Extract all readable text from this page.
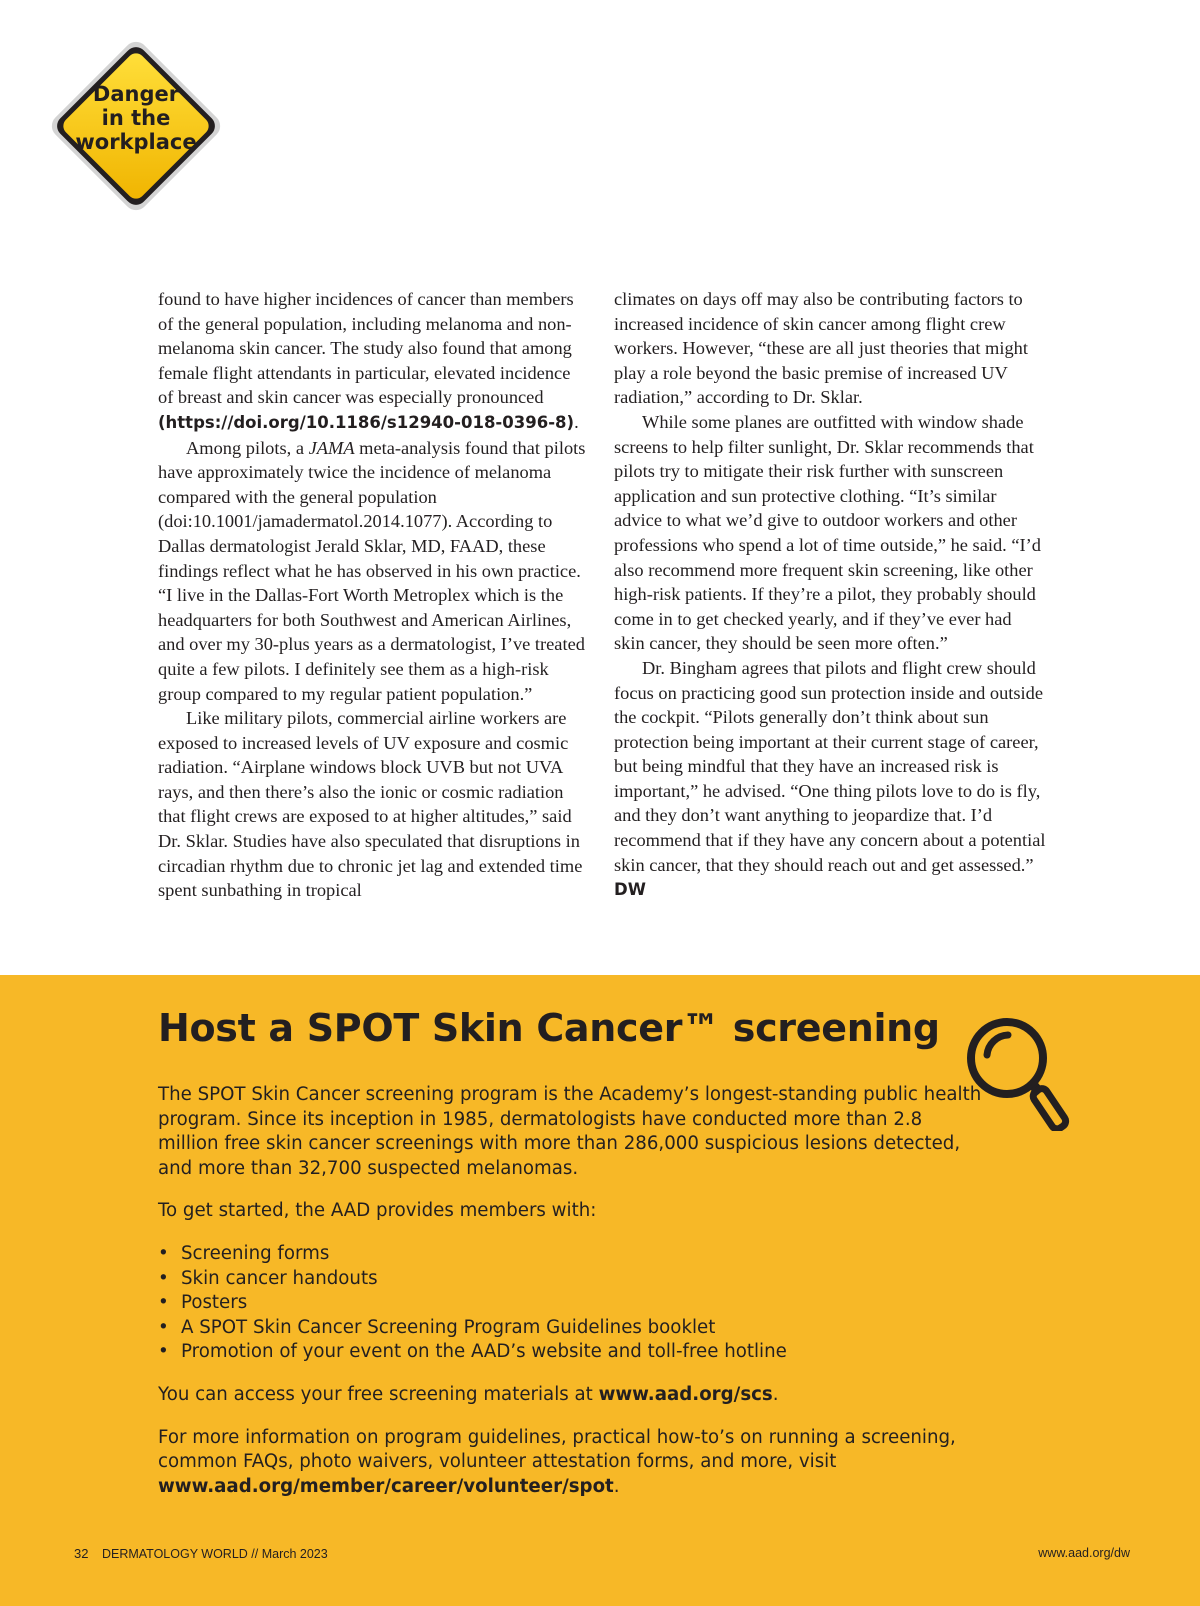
Danger
in the
workplace

found to have higher incidences of cancer than members of the general population, including melanoma and non-melanoma skin cancer. The study also found that among female flight attendants in particular, elevated incidence of breast and skin cancer was especially pronounced (https://doi.org/10.1186/s12940-018-0396-8).

Among pilots, a JAMA meta-analysis found that pilots have approximately twice the incidence of melanoma compared with the general population (doi:10.1001/jamadermatol.2014.1077). According to Dallas dermatologist Jerald Sklar, MD, FAAD, these findings reflect what he has observed in his own practice. “I live in the Dallas-Fort Worth Metroplex which is the headquarters for both Southwest and American Airlines, and over my 30-plus years as a dermatologist, I’ve treated quite a few pilots. I definitely see them as a high-risk group compared to my regular patient population.”

Like military pilots, commercial airline workers are exposed to increased levels of UV exposure and cosmic radiation. “Airplane windows block UVB but not UVA rays, and then there’s also the ionic or cosmic radiation that flight crews are exposed to at higher altitudes,” said Dr. Sklar. Studies have also speculated that disruptions in circadian rhythm due to chronic jet lag and extended time spent sunbathing in tropical

climates on days off may also be contributing factors to increased incidence of skin cancer among flight crew workers. However, “these are all just theories that might play a role beyond the basic premise of increased UV radiation,” according to Dr. Sklar.

While some planes are outfitted with window shade screens to help filter sunlight, Dr. Sklar recommends that pilots try to mitigate their risk further with sunscreen application and sun protective clothing. “It’s similar advice to what we’d give to outdoor workers and other professions who spend a lot of time outside,” he said. “I’d also recommend more frequent skin screening, like other high-risk patients. If they’re a pilot, they probably should come in to get checked yearly, and if they’ve ever had skin cancer, they should be seen more often.”

Dr. Bingham agrees that pilots and flight crew should focus on practicing good sun protection inside and outside the cockpit. “Pilots generally don’t think about sun protection being important at their current stage of career, but being mindful that they have an increased risk is important,” he advised. “One thing pilots love to do is fly, and they don’t want anything to jeopardize that. I’d recommend that if they have any concern about a potential skin cancer, that they should reach out and get assessed.” DW

Host a SPOT Skin Cancer™ screening

The SPOT Skin Cancer screening program is the Academy’s longest-standing public health program. Since its inception in 1985, dermatologists have conducted more than 2.8 million free skin cancer screenings with more than 286,000 suspicious lesions detected, and more than 32,700 suspected melanomas.

To get started, the AAD provides members with:

• Screening forms
• Skin cancer handouts
• Posters
• A SPOT Skin Cancer Screening Program Guidelines booklet
• Promotion of your event on the AAD’s website and toll-free hotline

You can access your free screening materials at www.aad.org/scs.

For more information on program guidelines, practical how-to’s on running a screening, common FAQs, photo waivers, volunteer attestation forms, and more, visit www.aad.org/member/career/volunteer/spot.

32 DERMATOLOGY WORLD // March 2023	www.aad.org/dw
